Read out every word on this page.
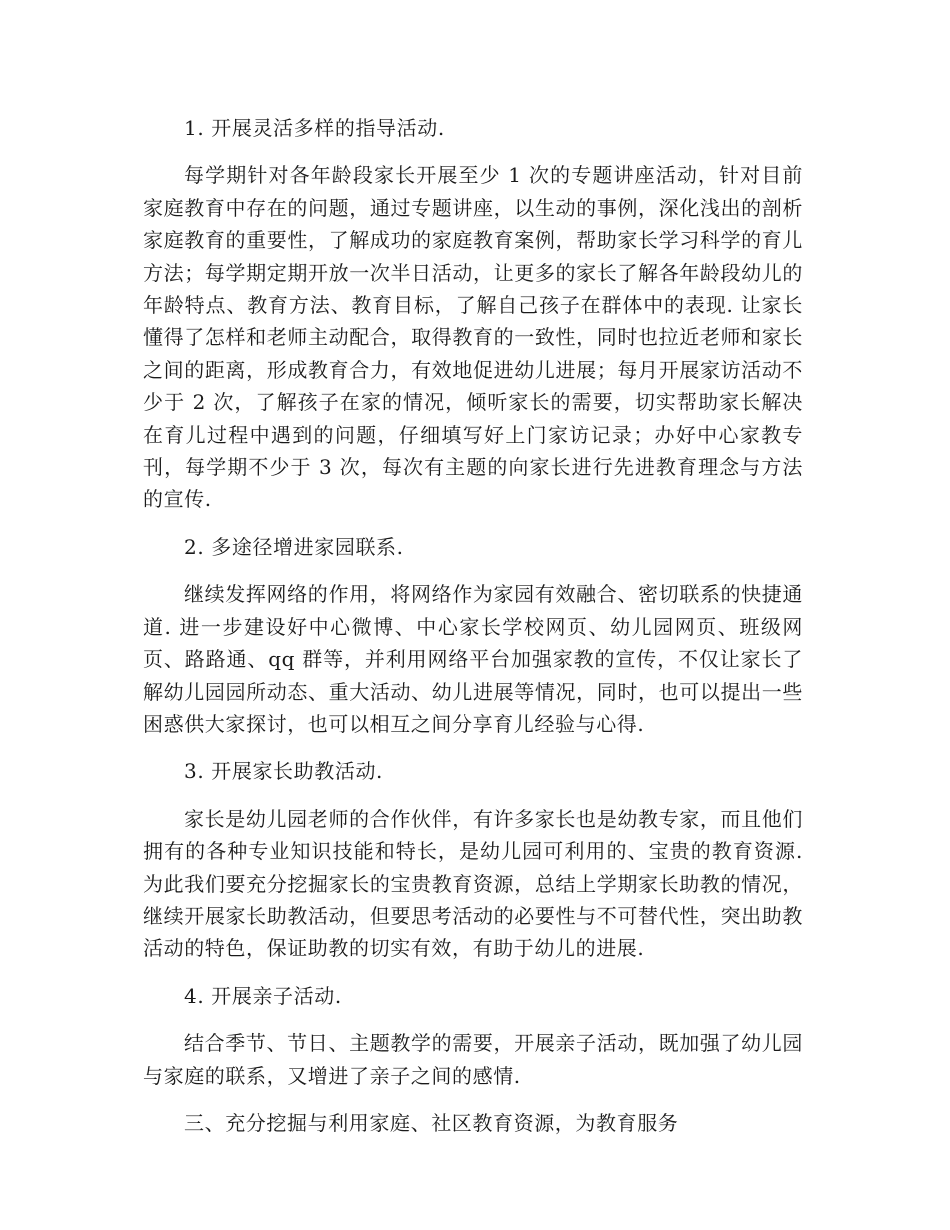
1. 开展灵活多样的指导活动.

每学期针对各年龄段家长开展至少 1 次的专题讲座活动，针对目前家庭教育中存在的问题，通过专题讲座，以生动的事例，深化浅出的剖析家庭教育的重要性，了解成功的家庭教育案例，帮助家长学习科学的育儿方法；每学期定期开放一次半日活动，让更多的家长了解各年龄段幼儿的年龄特点、教育方法、教育目标，了解自己孩子在群体中的表现. 让家长懂得了怎样和老师主动配合，取得教育的一致性，同时也拉近老师和家长之间的距离，形成教育合力，有效地促进幼儿进展；每月开展家访活动不少于 2 次，了解孩子在家的情况，倾听家长的需要，切实帮助家长解决在育儿过程中遇到的问题，仔细填写好上门家访记录；办好中心家教专刊，每学期不少于 3 次，每次有主题的向家长进行先进教育理念与方法的宣传.

2. 多途径增进家园联系.

继续发挥网络的作用，将网络作为家园有效融合、密切联系的快捷通道. 进一步建设好中心微博、中心家长学校网页、幼儿园网页、班级网页、路路通、qq 群等，并利用网络平台加强家教的宣传，不仅让家长了解幼儿园园所动态、重大活动、幼儿进展等情况，同时，也可以提出一些困惑供大家探讨，也可以相互之间分享育儿经验与心得.

3. 开展家长助教活动.

家长是幼儿园老师的合作伙伴，有许多家长也是幼教专家，而且他们拥有的各种专业知识技能和特长，是幼儿园可利用的、宝贵的教育资源. 为此我们要充分挖掘家长的宝贵教育资源，总结上学期家长助教的情况，继续开展家长助教活动，但要思考活动的必要性与不可替代性，突出助教活动的特色，保证助教的切实有效，有助于幼儿的进展.

4. 开展亲子活动.

结合季节、节日、主题教学的需要，开展亲子活动，既加强了幼儿园与家庭的联系，又增进了亲子之间的感情.

三、充分挖掘与利用家庭、社区教育资源，为教育服务
